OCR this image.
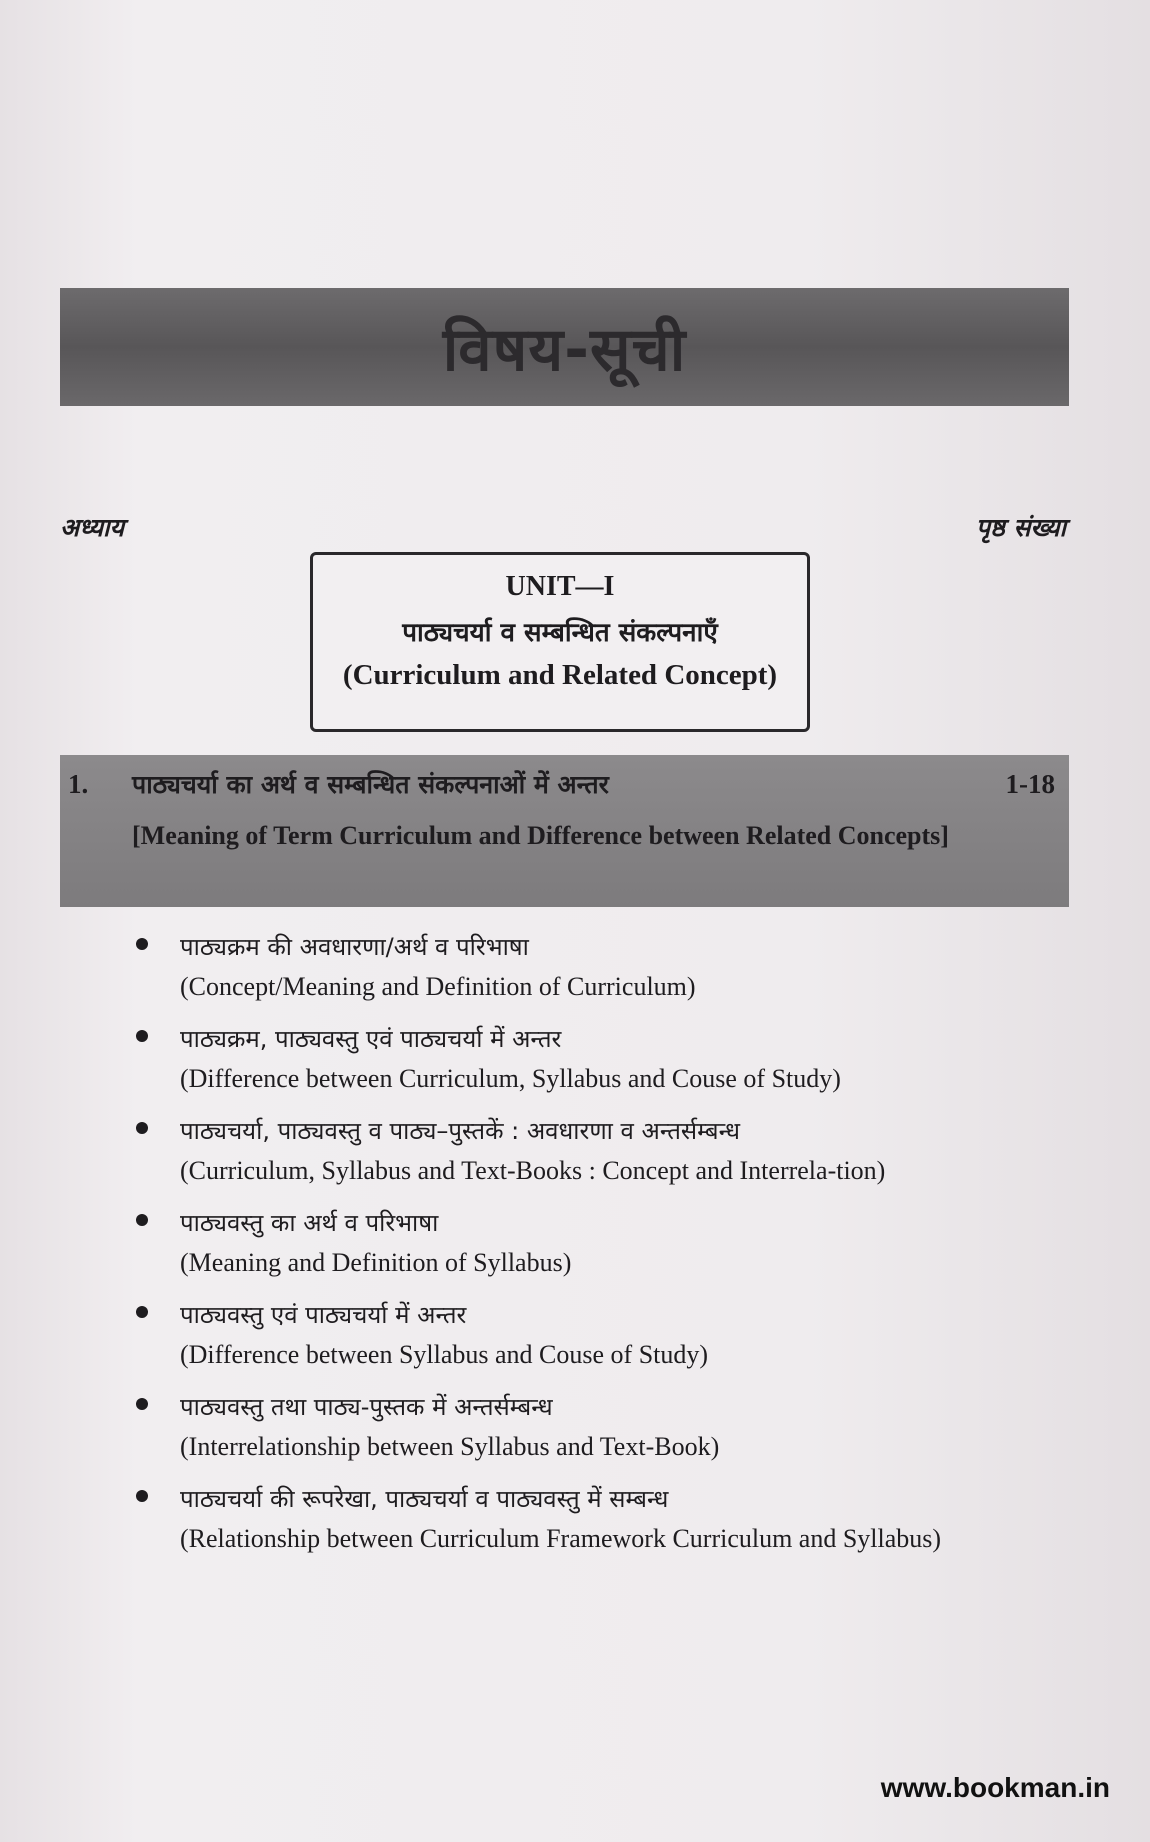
विषय-सूची
अध्याय	पृष्ठ संख्या
UNIT—I
पाठ्यचर्या व सम्बन्धित संकल्पनाएँ
(Curriculum and Related Concept)
1. पाठ्यचर्या का अर्थ व सम्बन्धित संकल्पनाओं में अन्तर
[Meaning of Term Curriculum and Difference between Related Concepts]
1-18
पाठ्यक्रम की अवधारणा/अर्थ व परिभाषा
(Concept/Meaning and Definition of Curriculum)
पाठ्यक्रम, पाठ्यवस्तु एवं पाठ्यचर्या में अन्तर
(Difference between Curriculum, Syllabus and Couse of Study)
पाठ्यचर्या, पाठ्यवस्तु व पाठ्य–पुस्तकें : अवधारणा व अन्तर्सम्बन्ध
(Curriculum, Syllabus and Text-Books : Concept and Interrela-tion)
पाठ्यवस्तु का अर्थ व परिभाषा
(Meaning and Definition of Syllabus)
पाठ्यवस्तु एवं पाठ्यचर्या में अन्तर
(Difference between Syllabus and Couse of Study)
पाठ्यवस्तु तथा पाठ्य-पुस्तक में अन्तर्सम्बन्ध
(Interrelationship between Syllabus and Text-Book)
पाठ्यचर्या की रूपरेखा, पाठ्यचर्या व पाठ्यवस्तु में सम्बन्ध
(Relationship between Curriculum Framework Curriculum and Syllabus)
www.bookman.in
